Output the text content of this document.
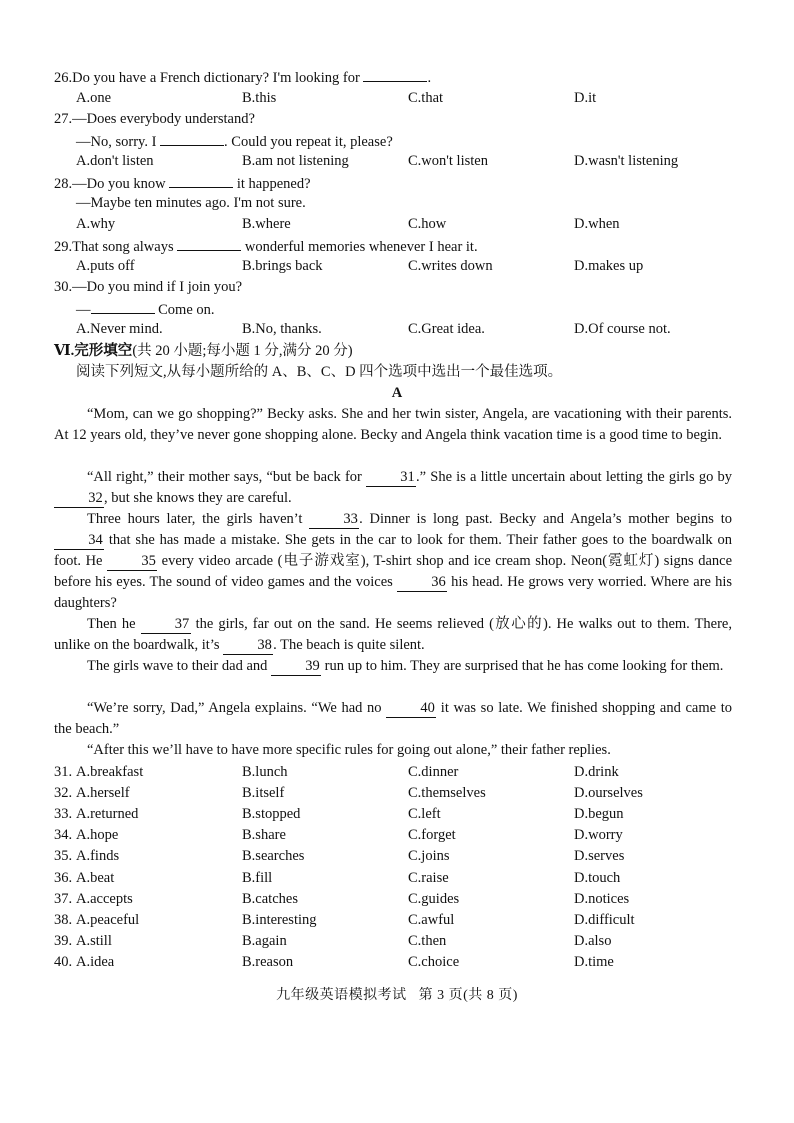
26.Do you have a French dictionary? I'm looking for	.
A.one	B.this	C.that	D.it
27.—Does everybody understand?
—No, sorry. I	. Could you repeat it, please?
A.don't listen	B.am not listening	C.won't listen	D.wasn't listening
28.—Do you know	it happened?
—Maybe ten minutes ago. I'm not sure.
A.why	B.where	C.how	D.when
29.That song always	wonderful memories whenever I hear it.
A.puts off	B.brings back	C.writes down	D.makes up
30.—Do you mind if I join you?
—	Come on.
A.Never mind.	B.No, thanks.	C.Great idea.	D.Of course not.
Ⅵ.完形填空(共 20 小题;每小题 1 分,满分 20 分)
阅读下列短文,从每小题所给的 A、B、C、D 四个选项中选出一个最佳选项。
A
“Mom, can we go shopping?” Becky asks. She and her twin sister, Angela, are vacationing with their parents. At 12 years old, they’ve never gone shopping alone. Becky and Angela think vacation time is a good time to begin.
“All right,” their mother says, “but be back for	31.” She is a little uncertain about letting the girls go by 32, but she knows they are careful.
Three hours later, the girls haven’t	33. Dinner is long past. Becky and Angela’s mother begins to 34 that she has made a mistake. She gets in the car to look for them. Their father goes to the boardwalk on foot. He	35 every video arcade (电子游戏室), T-shirt shop and ice cream shop. Neon(霓虹灯) signs dance before his eyes. The sound of video games and the voices	36 his head. He grows very worried. Where are his daughters?
Then he	37 the girls, far out on the sand. He seems relieved (放心的). He walks out to them. There, unlike on the boardwalk, it’s	38. The beach is quite silent.
The girls wave to their dad and	39 run up to him. They are surprised that he has come looking for them.
“We’re sorry, Dad,” Angela explains. “We had no	40 it was so late. We finished shopping and came to the beach.”
“After this we’ll have to have more specific rules for going out alone,” their father replies.
31. A.breakfast	B.lunch	C.dinner	D.drink
32. A.herself	B.itself	C.themselves	D.ourselves
33. A.returned	B.stopped	C.left	D.begun
34. A.hope	B.share	C.forget	D.worry
35. A.finds	B.searches	C.joins	D.serves
36. A.beat	B.fill	C.raise	D.touch
37. A.accepts	B.catches	C.guides	D.notices
38. A.peaceful	B.interesting	C.awful	D.difficult
39. A.still	B.again	C.then	D.also
40. A.idea	B.reason	C.choice	D.time
九年级英语模拟考试 第 3 页(共 8 页)
